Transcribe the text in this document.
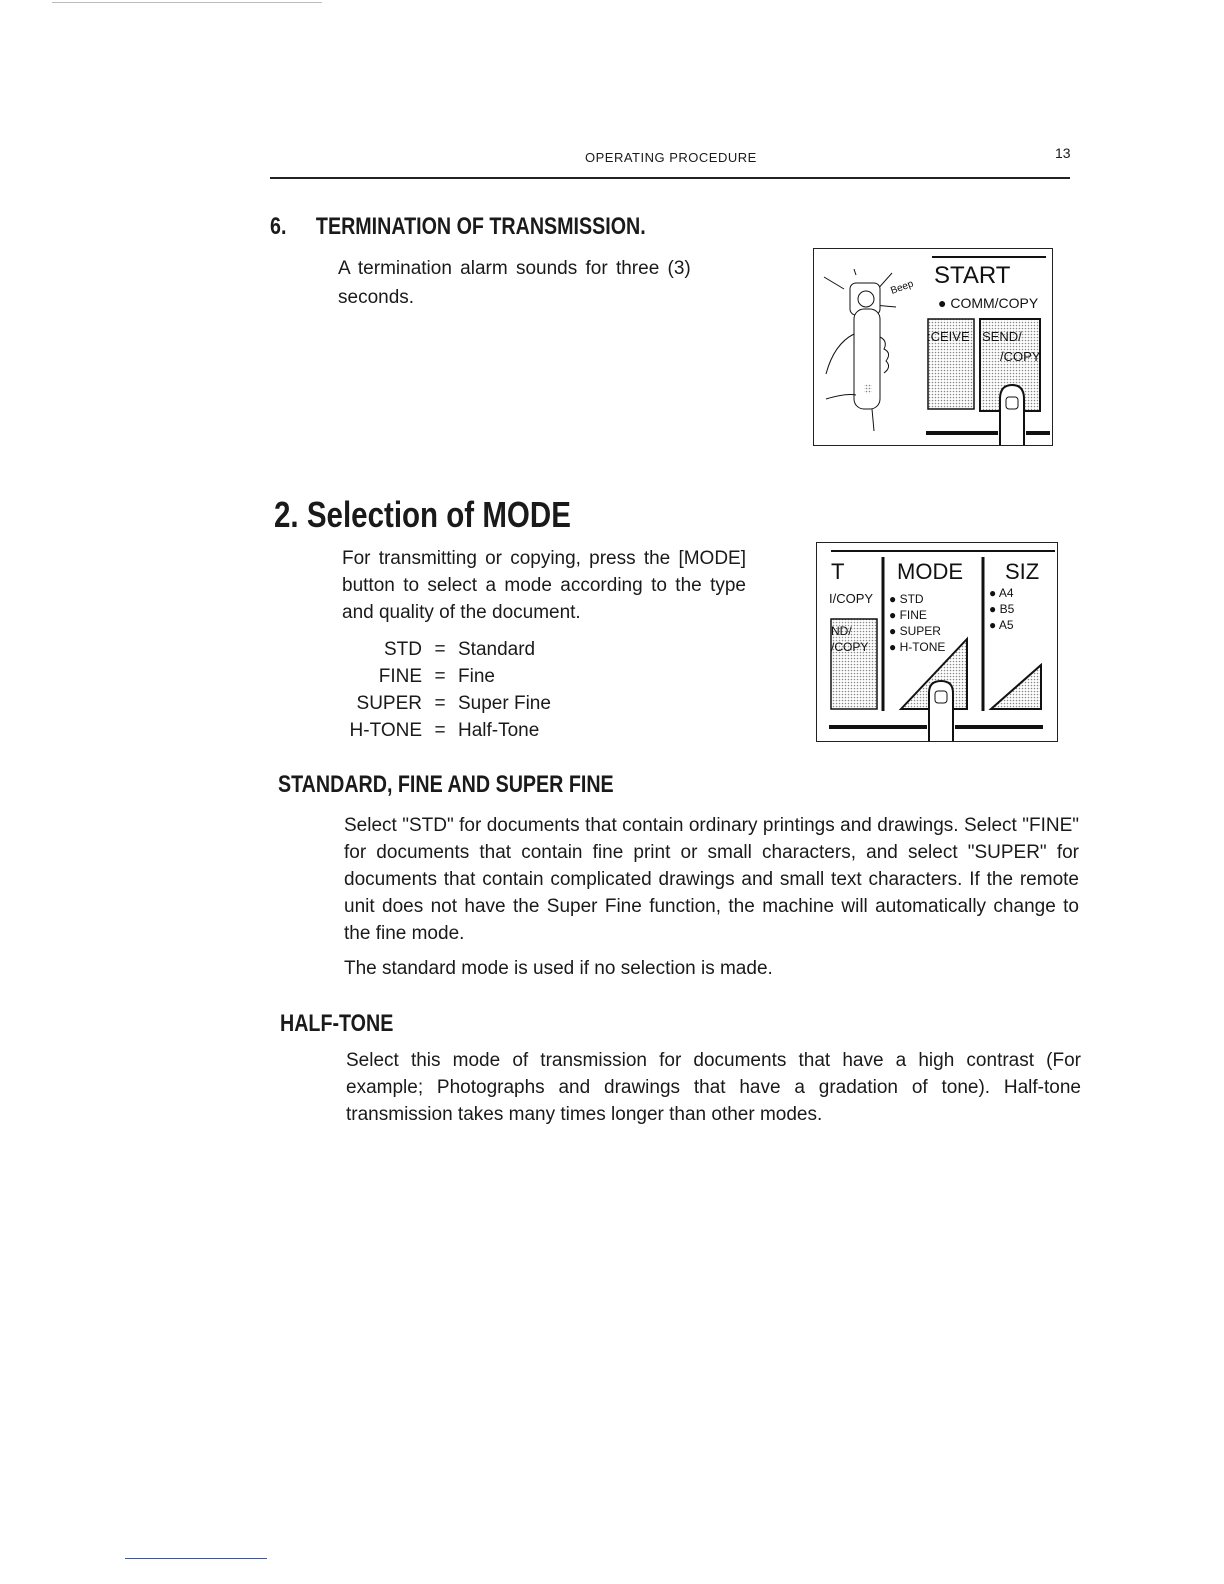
OPERATING PROCEDURE	13
6. TERMINATION OF TRANSMISSION.
A termination alarm sounds for three (3) seconds.
START
● COMM/COPY
Beep
:CEIVE SEND/
/COPY
2. Selection of MODE
For transmitting or copying, press the [MODE] button to select a mode according to the type and quality of the document.
STD = Standard
FINE = Fine
SUPER = Super Fine
H-TONE = Half-Tone
T
I/COPY
MODE SIZ
● STD
● FINE
● SUPER
● H-TONE
● A4
● B5
● A5
ND/
/COPY
STANDARD, FINE AND SUPER FINE
Select "STD" for documents that contain ordinary printings and drawings. Select "FINE" for documents that contain fine print or small characters, and select "SUPER" for documents that contain complicated drawings and small text characters. If the remote unit does not have the Super Fine function, the machine will automatically change to the fine mode.
The standard mode is used if no selection is made.
HALF-TONE
Select this mode of transmission for documents that have a high contrast (For example; Photographs and drawings that have a gradation of tone). Half-tone transmission takes many times longer than other modes.
